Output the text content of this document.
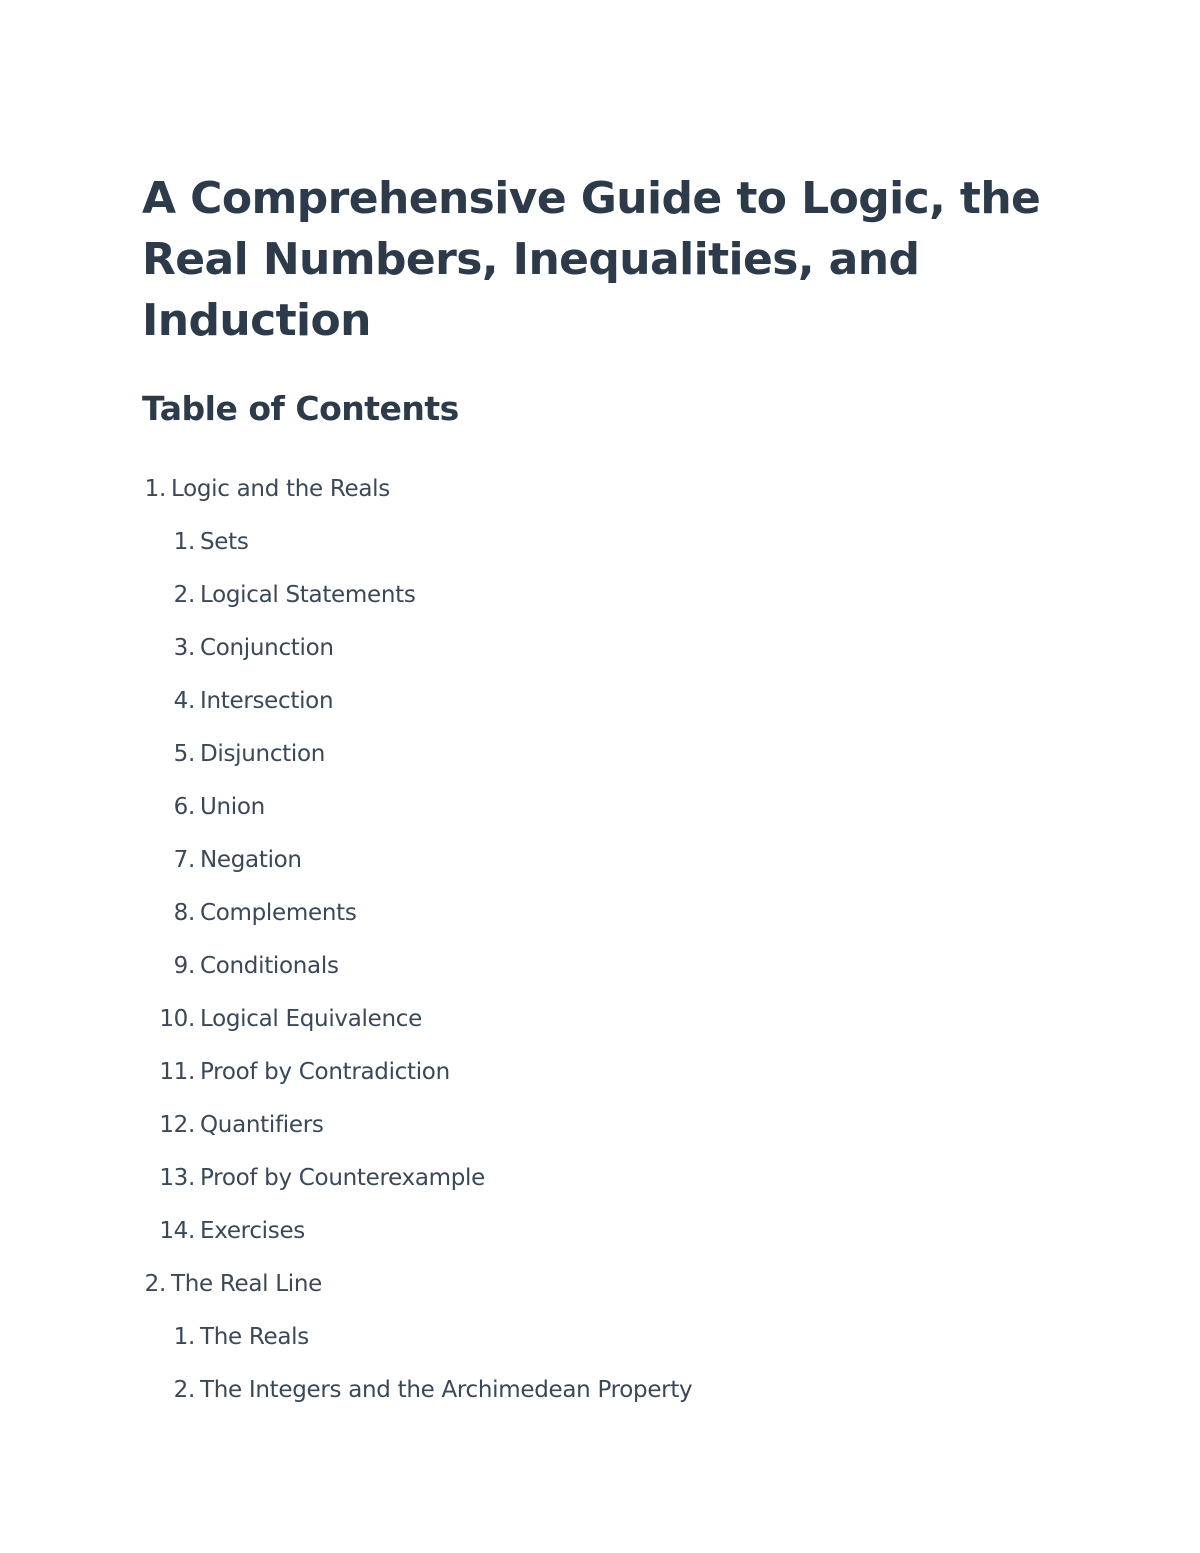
A Comprehensive Guide to Logic, the Real Numbers, Inequalities, and Induction
Table of Contents
1. Logic and the Reals
1. Sets
2. Logical Statements
3. Conjunction
4. Intersection
5. Disjunction
6. Union
7. Negation
8. Complements
9. Conditionals
10. Logical Equivalence
11. Proof by Contradiction
12. Quantifiers
13. Proof by Counterexample
14. Exercises
2. The Real Line
1. The Reals
2. The Integers and the Archimedean Property
